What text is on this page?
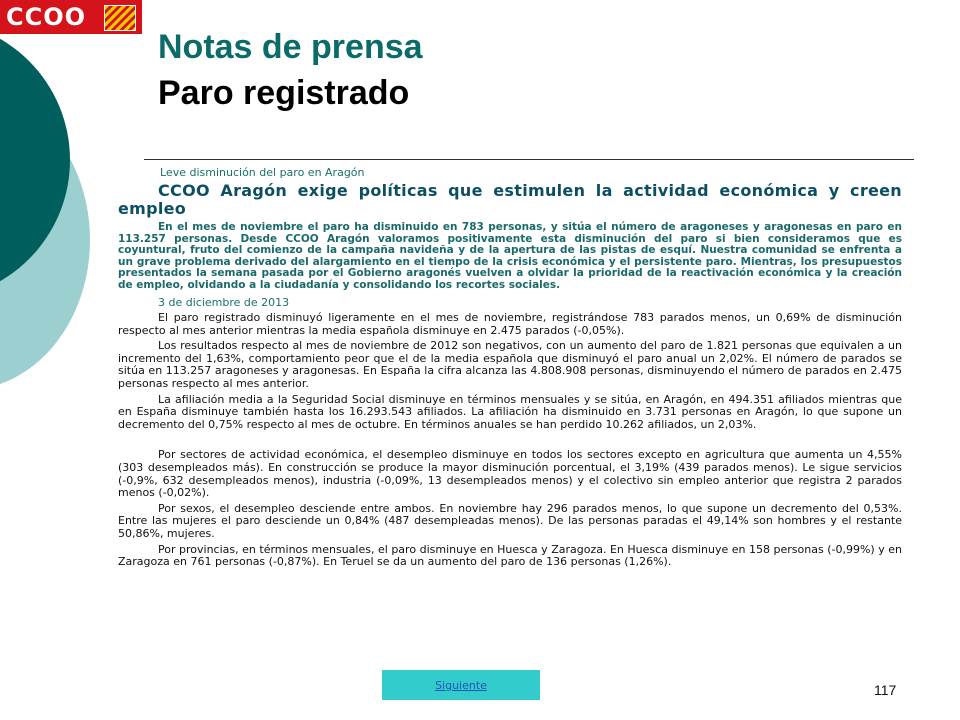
CCOO
Notas de prensa
Paro registrado

Leve disminución del paro en Aragón

CCOO Aragón exige políticas que estimulen la actividad económica y creen empleo

En el mes de noviembre el paro ha disminuido en 783 personas, y sitúa el número de aragoneses y aragonesas en paro en 113.257 personas. Desde CCOO Aragón valoramos positivamente esta disminución del paro si bien consideramos que es coyuntural, fruto del comienzo de la campaña navideña y de la apertura de las pistas de esquí. Nuestra comunidad se enfrenta a un grave problema derivado del alargamiento en el tiempo de la crisis económica y el persistente paro. Mientras, los presupuestos presentados la semana pasada por el Gobierno aragonés vuelven a olvidar la prioridad de la reactivación económica y la creación de empleo, olvidando a la ciudadanía y consolidando los recortes sociales.

3 de diciembre de 2013

El paro registrado disminuyó ligeramente en el mes de noviembre, registrándose 783 parados menos, un 0,69% de disminución respecto al mes anterior mientras la media española disminuye en 2.475 parados (-0,05%).

Los resultados respecto al mes de noviembre de 2012 son negativos, con un aumento del paro de 1.821 personas que equivalen a un incremento del 1,63%, comportamiento peor que el de la media española que disminuyó el paro anual un 2,02%. El número de parados se sitúa en 113.257 aragoneses y aragonesas. En España la cifra alcanza las 4.808.908 personas, disminuyendo el número de parados en 2.475 personas respecto al mes anterior.

La afiliación media a la Seguridad Social disminuye en términos mensuales y se sitúa, en Aragón, en 494.351 afiliados mientras que en España disminuye también hasta los 16.293.543 afiliados. La afiliación ha disminuido en 3.731 personas en Aragón, lo que supone un decremento del 0,75% respecto al mes de octubre. En términos anuales se han perdido 10.262 afiliados, un 2,03%.

Por sectores de actividad económica, el desempleo disminuye en todos los sectores excepto en agricultura que aumenta un 4,55% (303 desempleados más). En construcción se produce la mayor disminución porcentual, el 3,19% (439 parados menos). Le sigue servicios (-0,9%, 632 desempleados menos), industria (-0,09%, 13 desempleados menos) y el colectivo sin empleo anterior que registra 2 parados menos (-0,02%).

Por sexos, el desempleo desciende entre ambos. En noviembre hay 296 parados menos, lo que supone un decremento del 0,53%. Entre las mujeres el paro desciende un 0,84% (487 desempleadas menos). De las personas paradas el 49,14% son hombres y el restante 50,86%, mujeres.

Por provincias, en términos mensuales, el paro disminuye en Huesca y Zaragoza. En Huesca disminuye en 158 personas (-0,99%) y en Zaragoza en 761 personas (-0,87%). En Teruel se da un aumento del paro de 136 personas (1,26%).

Siguiente	117
